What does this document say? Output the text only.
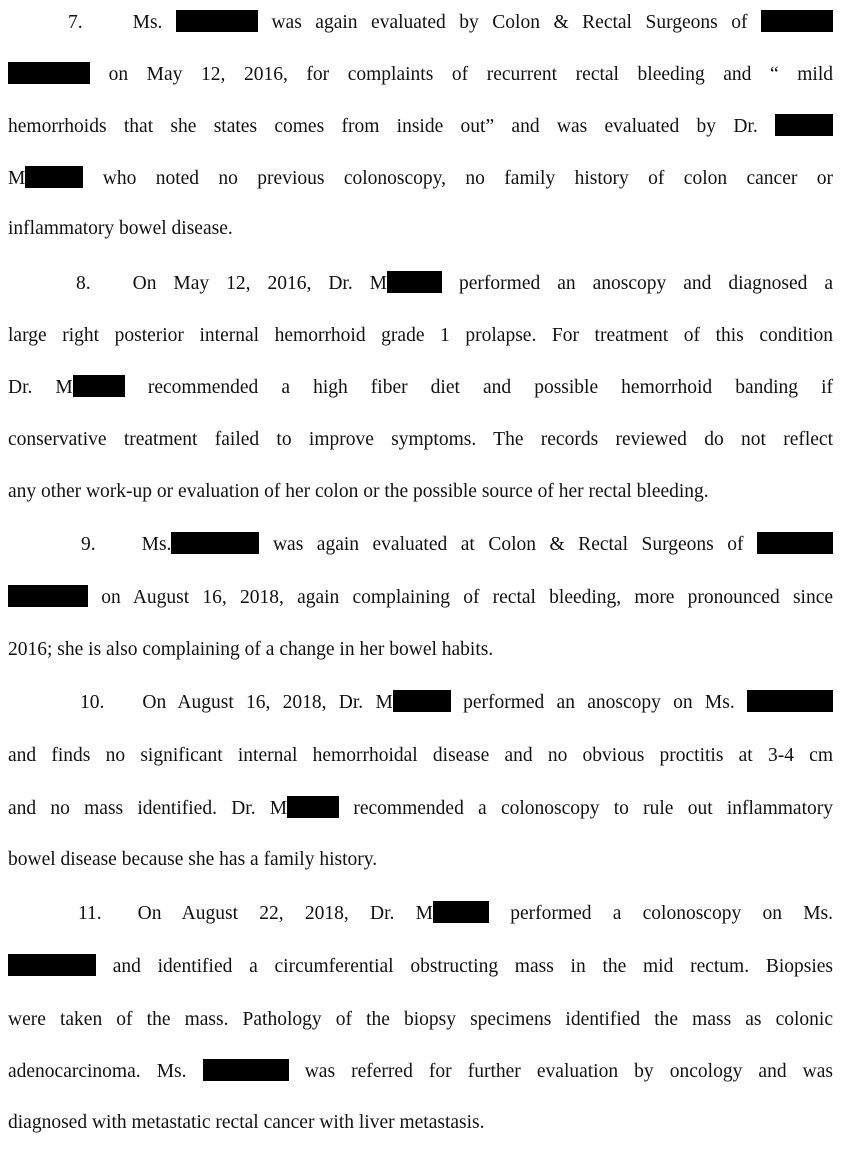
7.	Ms.	was again evaluated by Colon & Rectal Surgeons of
on May 12, 2016, for complaints of recurrent rectal bleeding and “ mild
hemorrhoids that she states comes from inside out” and was evaluated by Dr.
M	who noted no previous colonoscopy, no family history of colon cancer or
inflammatory bowel disease.
8. On May 12, 2016, Dr. M	performed an anoscopy and diagnosed a
large right posterior internal hemorrhoid grade 1 prolapse. For treatment of this condition
Dr. M	recommended a high fiber diet and possible hemorrhoid banding if
conservative treatment failed to improve symptoms. The records reviewed do not reflect
any other work-up or evaluation of her colon or the possible source of her rectal bleeding.
9. Ms.	was again evaluated at Colon & Rectal Surgeons of
on August 16, 2018, again complaining of rectal bleeding, more pronounced since
2016; she is also complaining of a change in her bowel habits.
10. On August 16, 2018, Dr. M	performed an anoscopy on Ms.
and finds no significant internal hemorrhoidal disease and no obvious proctitis at 3-4 cm
and no mass identified. Dr. M	recommended a colonoscopy to rule out inflammatory
bowel disease because she has a family history.
11. On August 22, 2018, Dr. M	performed a colonoscopy on Ms.
and identified a circumferential obstructing mass in the mid rectum. Biopsies
were taken of the mass. Pathology of the biopsy specimens identified the mass as colonic
adenocarcinoma. Ms.	was referred for further evaluation by oncology and was
diagnosed with metastatic rectal cancer with liver metastasis.
